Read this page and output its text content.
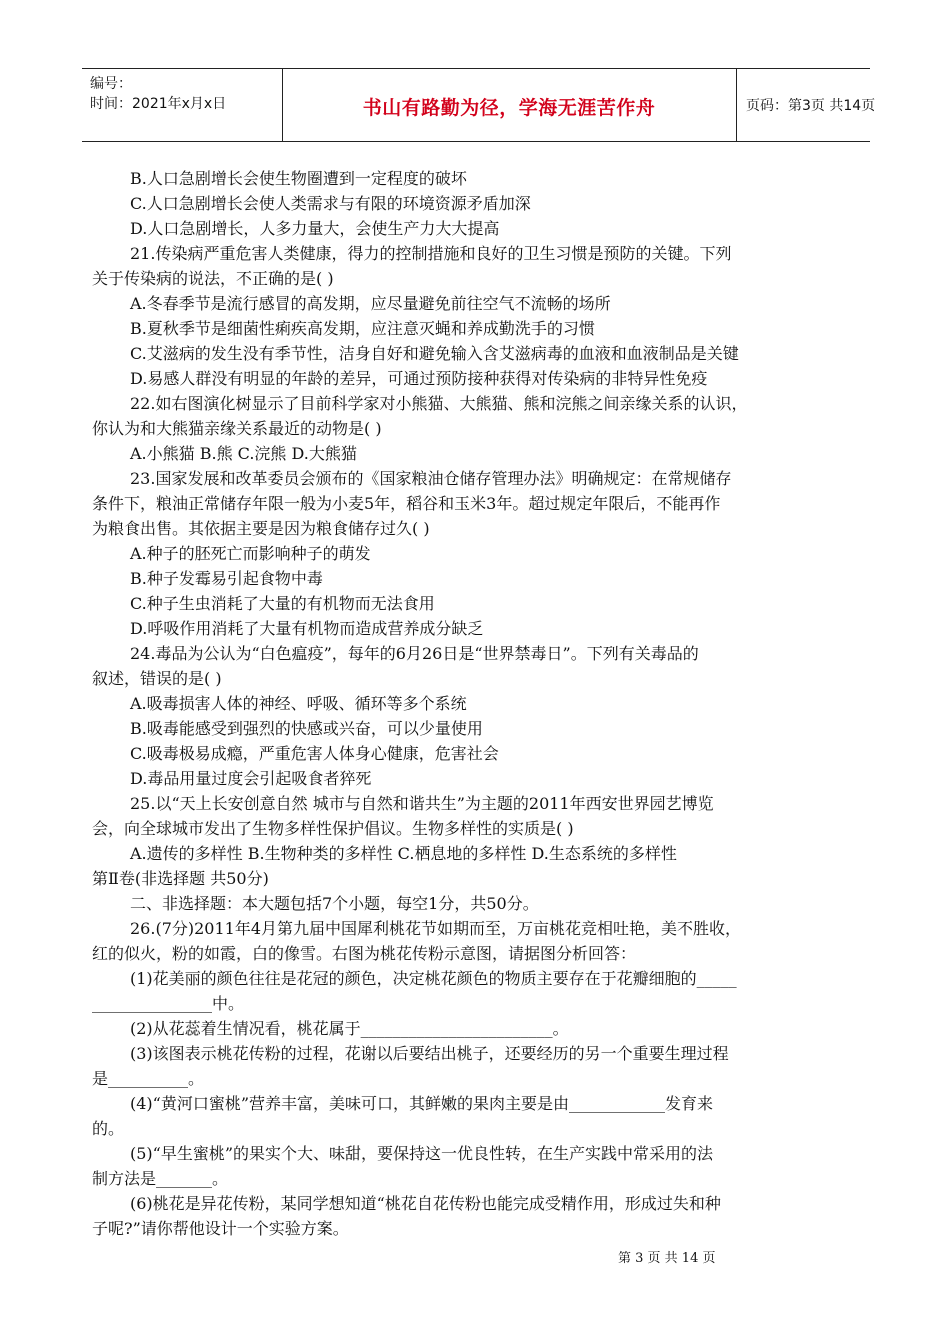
编号：
时间：2021年x月x日	书山有路勤为径，学海无涯苦作舟	页码：第3页 共14页
B.人口急剧增长会使生物圈遭到一定程度的破坏
C.人口急剧增长会使人类需求与有限的环境资源矛盾加深
D.人口急剧增长，人多力量大，会使生产力大大提高
21.传染病严重危害人类健康，得力的控制措施和良好的卫生习惯是预防的关键。下列
关于传染病的说法，不正确的是( )
A.冬春季节是流行感冒的高发期，应尽量避免前往空气不流畅的场所
B.夏秋季节是细菌性痢疾高发期，应注意灭蝇和养成勤洗手的习惯
C.艾滋病的发生没有季节性，洁身自好和避免输入含艾滋病毒的血液和血液制品是关键
D.易感人群没有明显的年龄的差异，可通过预防接种获得对传染病的非特异性免疫
22.如右图演化树显示了目前科学家对小熊猫、大熊猫、熊和浣熊之间亲缘关系的认识，
你认为和大熊猫亲缘关系最近的动物是( )
A.小熊猫 B.熊 C.浣熊 D.大熊猫
23.国家发展和改革委员会颁布的《国家粮油仓储存管理办法》明确规定：在常规储存
条件下，粮油正常储存年限一般为小麦5年，稻谷和玉米3年。超过规定年限后，不能再作
为粮食出售。其依据主要是因为粮食储存过久( )
A.种子的胚死亡而影响种子的萌发
B.种子发霉易引起食物中毒
C.种子生虫消耗了大量的有机物而无法食用
D.呼吸作用消耗了大量有机物而造成营养成分缺乏
24.毒品为公认为“白色瘟疫”，每年的6月26日是“世界禁毒日”。下列有关毒品的
叙述，错误的是( )
A.吸毒损害人体的神经、呼吸、循环等多个系统
B.吸毒能感受到强烈的快感或兴奋，可以少量使用
C.吸毒极易成瘾，严重危害人体身心健康，危害社会
D.毒品用量过度会引起吸食者猝死
25.以“天上长安创意自然 城市与自然和谐共生”为主题的2011年西安世界园艺博览
会，向全球城市发出了生物多样性保护倡议。生物多样性的实质是( )
A.遗传的多样性 B.生物种类的多样性 C.栖息地的多样性 D.生态系统的多样性
第Ⅱ卷(非选择题 共50分)
二、非选择题：本大题包括7个小题，每空1分，共50分。
26.(7分)2011年4月第九届中国犀利桃花节如期而至，万亩桃花竞相吐艳，美不胜收，
红的似火，粉的如霞，白的像雪。右图为桃花传粉示意图，请据图分析回答：
(1)花美丽的颜色往往是花冠的颜色，决定桃花颜色的物质主要存在于花瓣细胞的_____
_______________中。
(2)从花蕊着生情况看，桃花属于________________________。
(3)该图表示桃花传粉的过程，花谢以后要结出桃子，还要经历的另一个重要生理过程
是__________。
(4)“黄河口蜜桃”营养丰富，美味可口，其鲜嫩的果肉主要是由____________发育来
的。
(5)“早生蜜桃”的果实个大、味甜，要保持这一优良性转，在生产实践中常采用的法
制方法是_______。
(6)桃花是异花传粉，某同学想知道“桃花自花传粉也能完成受精作用，形成过失和种
子呢?”请你帮他设计一个实验方案。
第 3 页 共 14 页
